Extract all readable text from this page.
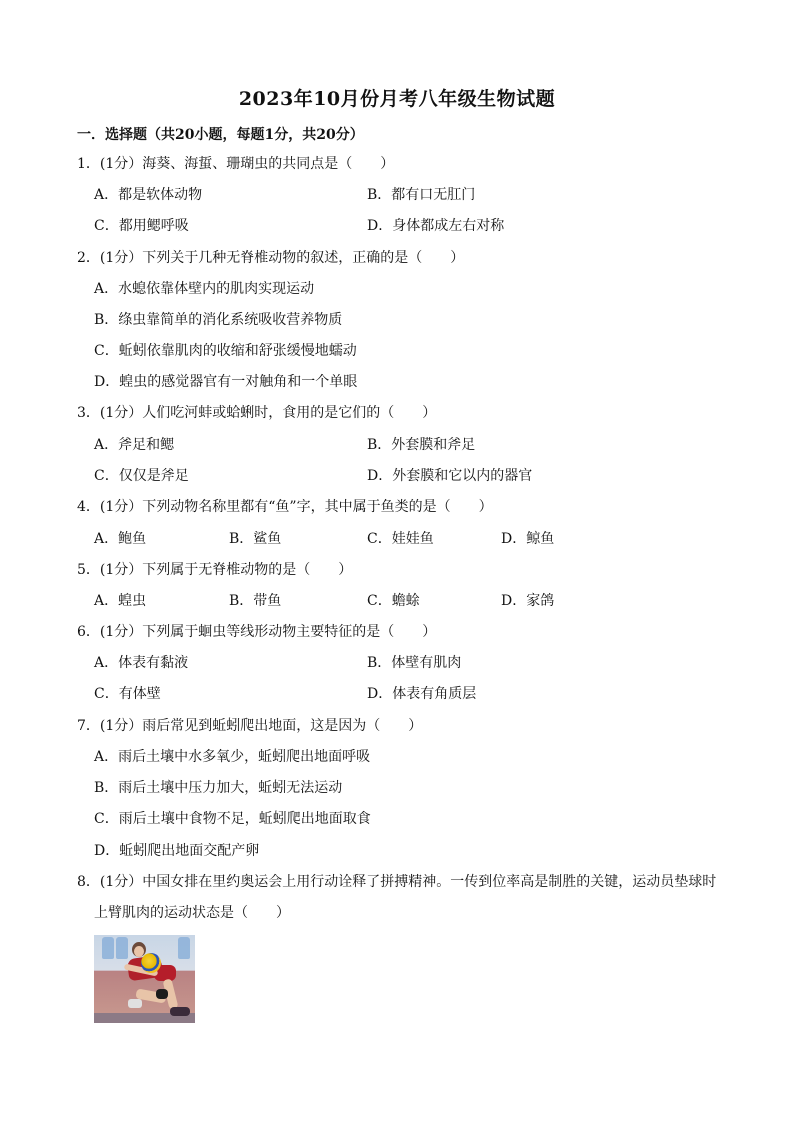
2023年10月份月考八年级生物试题
一．选择题（共20小题，每题1分，共20分）
1．(1分）海葵、海蜇、珊瑚虫的共同点是（　　）
A．都是软体动物	B．都有口无肛门
C．都用鳃呼吸	D．身体都成左右对称
2．(1分）下列关于几种无脊椎动物的叙述，正确的是（　　）
A．水螅依靠体壁内的肌肉实现运动
B．绦虫靠简单的消化系统吸收营养物质
C．蚯蚓依靠肌肉的收缩和舒张缓慢地蠕动
D．蝗虫的感觉器官有一对触角和一个单眼
3．(1分）人们吃河蚌或蛤蜊时，食用的是它们的（　　）
A．斧足和鳃	B．外套膜和斧足
C．仅仅是斧足	D．外套膜和它以内的器官
4．(1分）下列动物名称里都有“鱼”字，其中属于鱼类的是（　　）
A．鲍鱼	B．鲨鱼	C．娃娃鱼	D．鲸鱼
5．(1分）下列属于无脊椎动物的是（　　）
A．蝗虫	B．带鱼	C．蟾蜍	D．家鸽
6．(1分）下列属于蛔虫等线形动物主要特征的是（　　）
A．体表有黏液	B．体壁有肌肉
C．有体壁	D．体表有角质层
7．(1分）雨后常见到蚯蚓爬出地面，这是因为（　　）
A．雨后土壤中水多氧少，蚯蚓爬出地面呼吸
B．雨后土壤中压力加大，蚯蚓无法运动
C．雨后土壤中食物不足，蚯蚓爬出地面取食
D．蚯蚓爬出地面交配产卵
8．(1分）中国女排在里约奥运会上用行动诠释了拼搏精神。一传到位率高是制胜的关键，运动员垫球时
上臂肌肉的运动状态是（　　）
